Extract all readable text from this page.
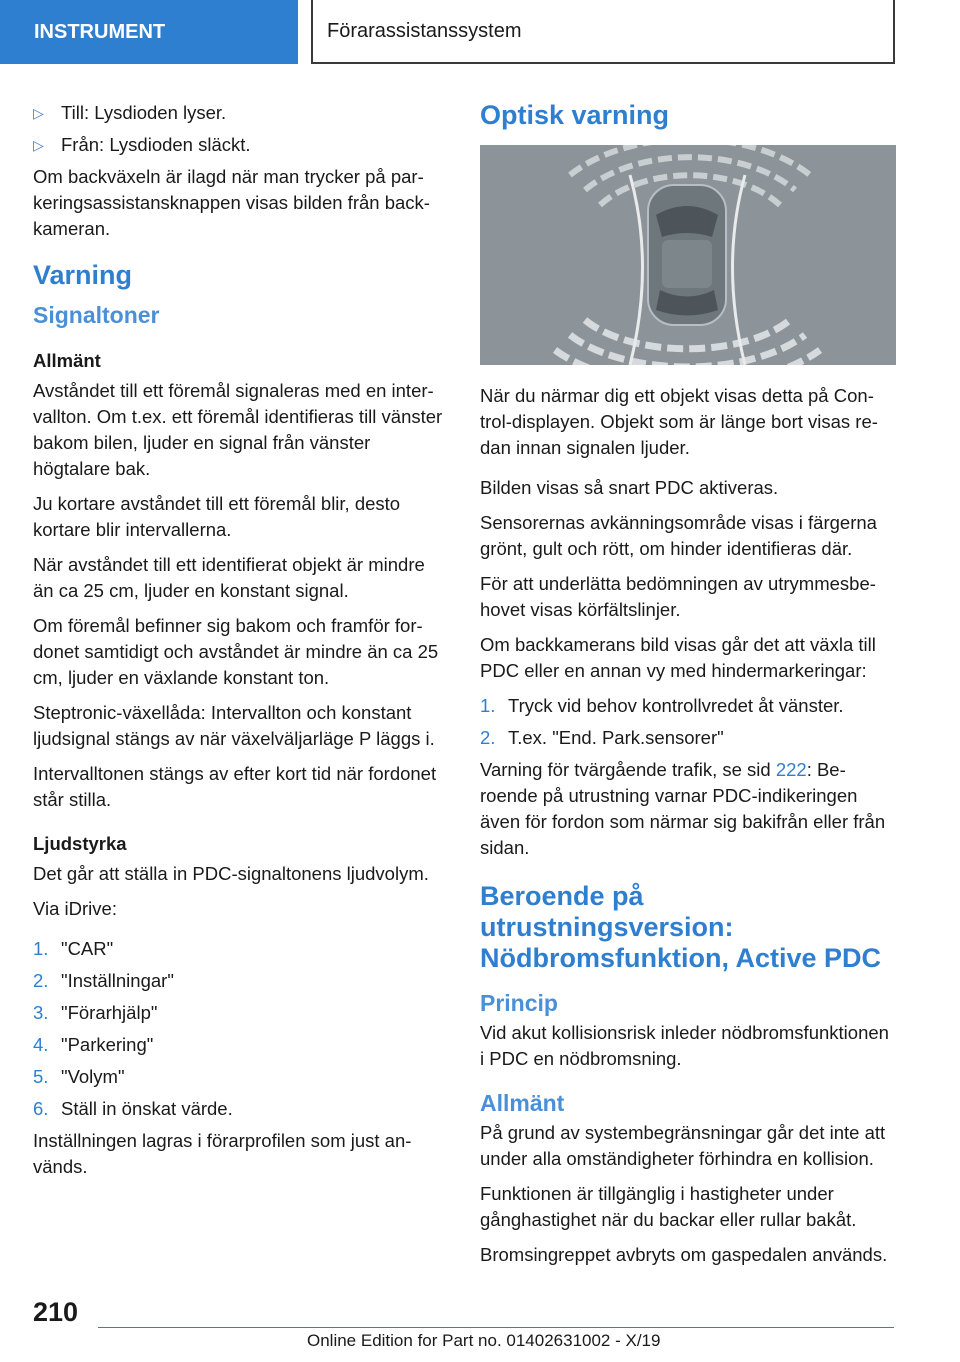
INSTRUMENT	Förarassistanssystem
▷ Till: Lysdioden lyser.
▷ Från: Lysdioden släckt.

Om backväxeln är ilagd när man trycker på parkeringsassistansknappen visas bilden från backkameran.

Varning
Signaltoner
Allmänt

Avståndet till ett föremål signaleras med en intervallton. Om t.ex. ett föremål identifieras till vänster bakom bilen, ljuder en signal från vänster högtalare bak.

Ju kortare avståndet till ett föremål blir, desto kortare blir intervallerna.

När avståndet till ett identifierat objekt är mindre än ca 25 cm, ljuder en konstant signal.

Om föremål befinner sig bakom och framför fordonet samtidigt och avståndet är mindre än ca 25 cm, ljuder en växlande konstant ton.

Steptronic-växellåda: Intervallton och konstant ljudsignal stängs av när växelväljarläge P läggs i.

Intervalltonen stängs av efter kort tid när fordonet står stilla.

Ljudstyrka

Det går att ställa in PDC-signaltonens ljudvolym.

Via iDrive:

1. "CAR"
2. "Inställningar"
3. "Förarhjälp"
4. "Parkering"
5. "Volym"
6. Ställ in önskat värde.

Inställningen lagras i förarprofilen som just används.

Optisk varning

När du närmar dig ett objekt visas detta på Control-displayen. Objekt som är länge bort visas redan innan signalen ljuder.

Bilden visas så snart PDC aktiveras.

Sensorernas avkänningsområde visas i färgerna grönt, gult och rött, om hinder identifieras där.

För att underlätta bedömningen av utrymmesbehovet visas körfältslinjer.

Om backkamerans bild visas går det att växla till PDC eller en annan vy med hindermarkeringar:

1. Tryck vid behov kontrollvredet åt vänster.
2. T.ex. "End. Park.sensorer"

Varning för tvärgående trafik, se sid 222: Beroende på utrustning varnar PDC-indikeringen även för fordon som närmar sig bakifrån eller från sidan.

Beroende på utrustningsversion: Nödbromsfunktion, Active PDC
Princip

Vid akut kollisionsrisk inleder nödbromsfunktionen i PDC en nödbromsning.

Allmänt

På grund av systembegränsningar går det inte att under alla omständigheter förhindra en kollision.

Funktionen är tillgänglig i hastigheter under gånghastighet när du backar eller rullar bakåt.

Bromsingreppet avbryts om gaspedalen används.

210
Online Edition for Part no. 01402631002 - X/19
